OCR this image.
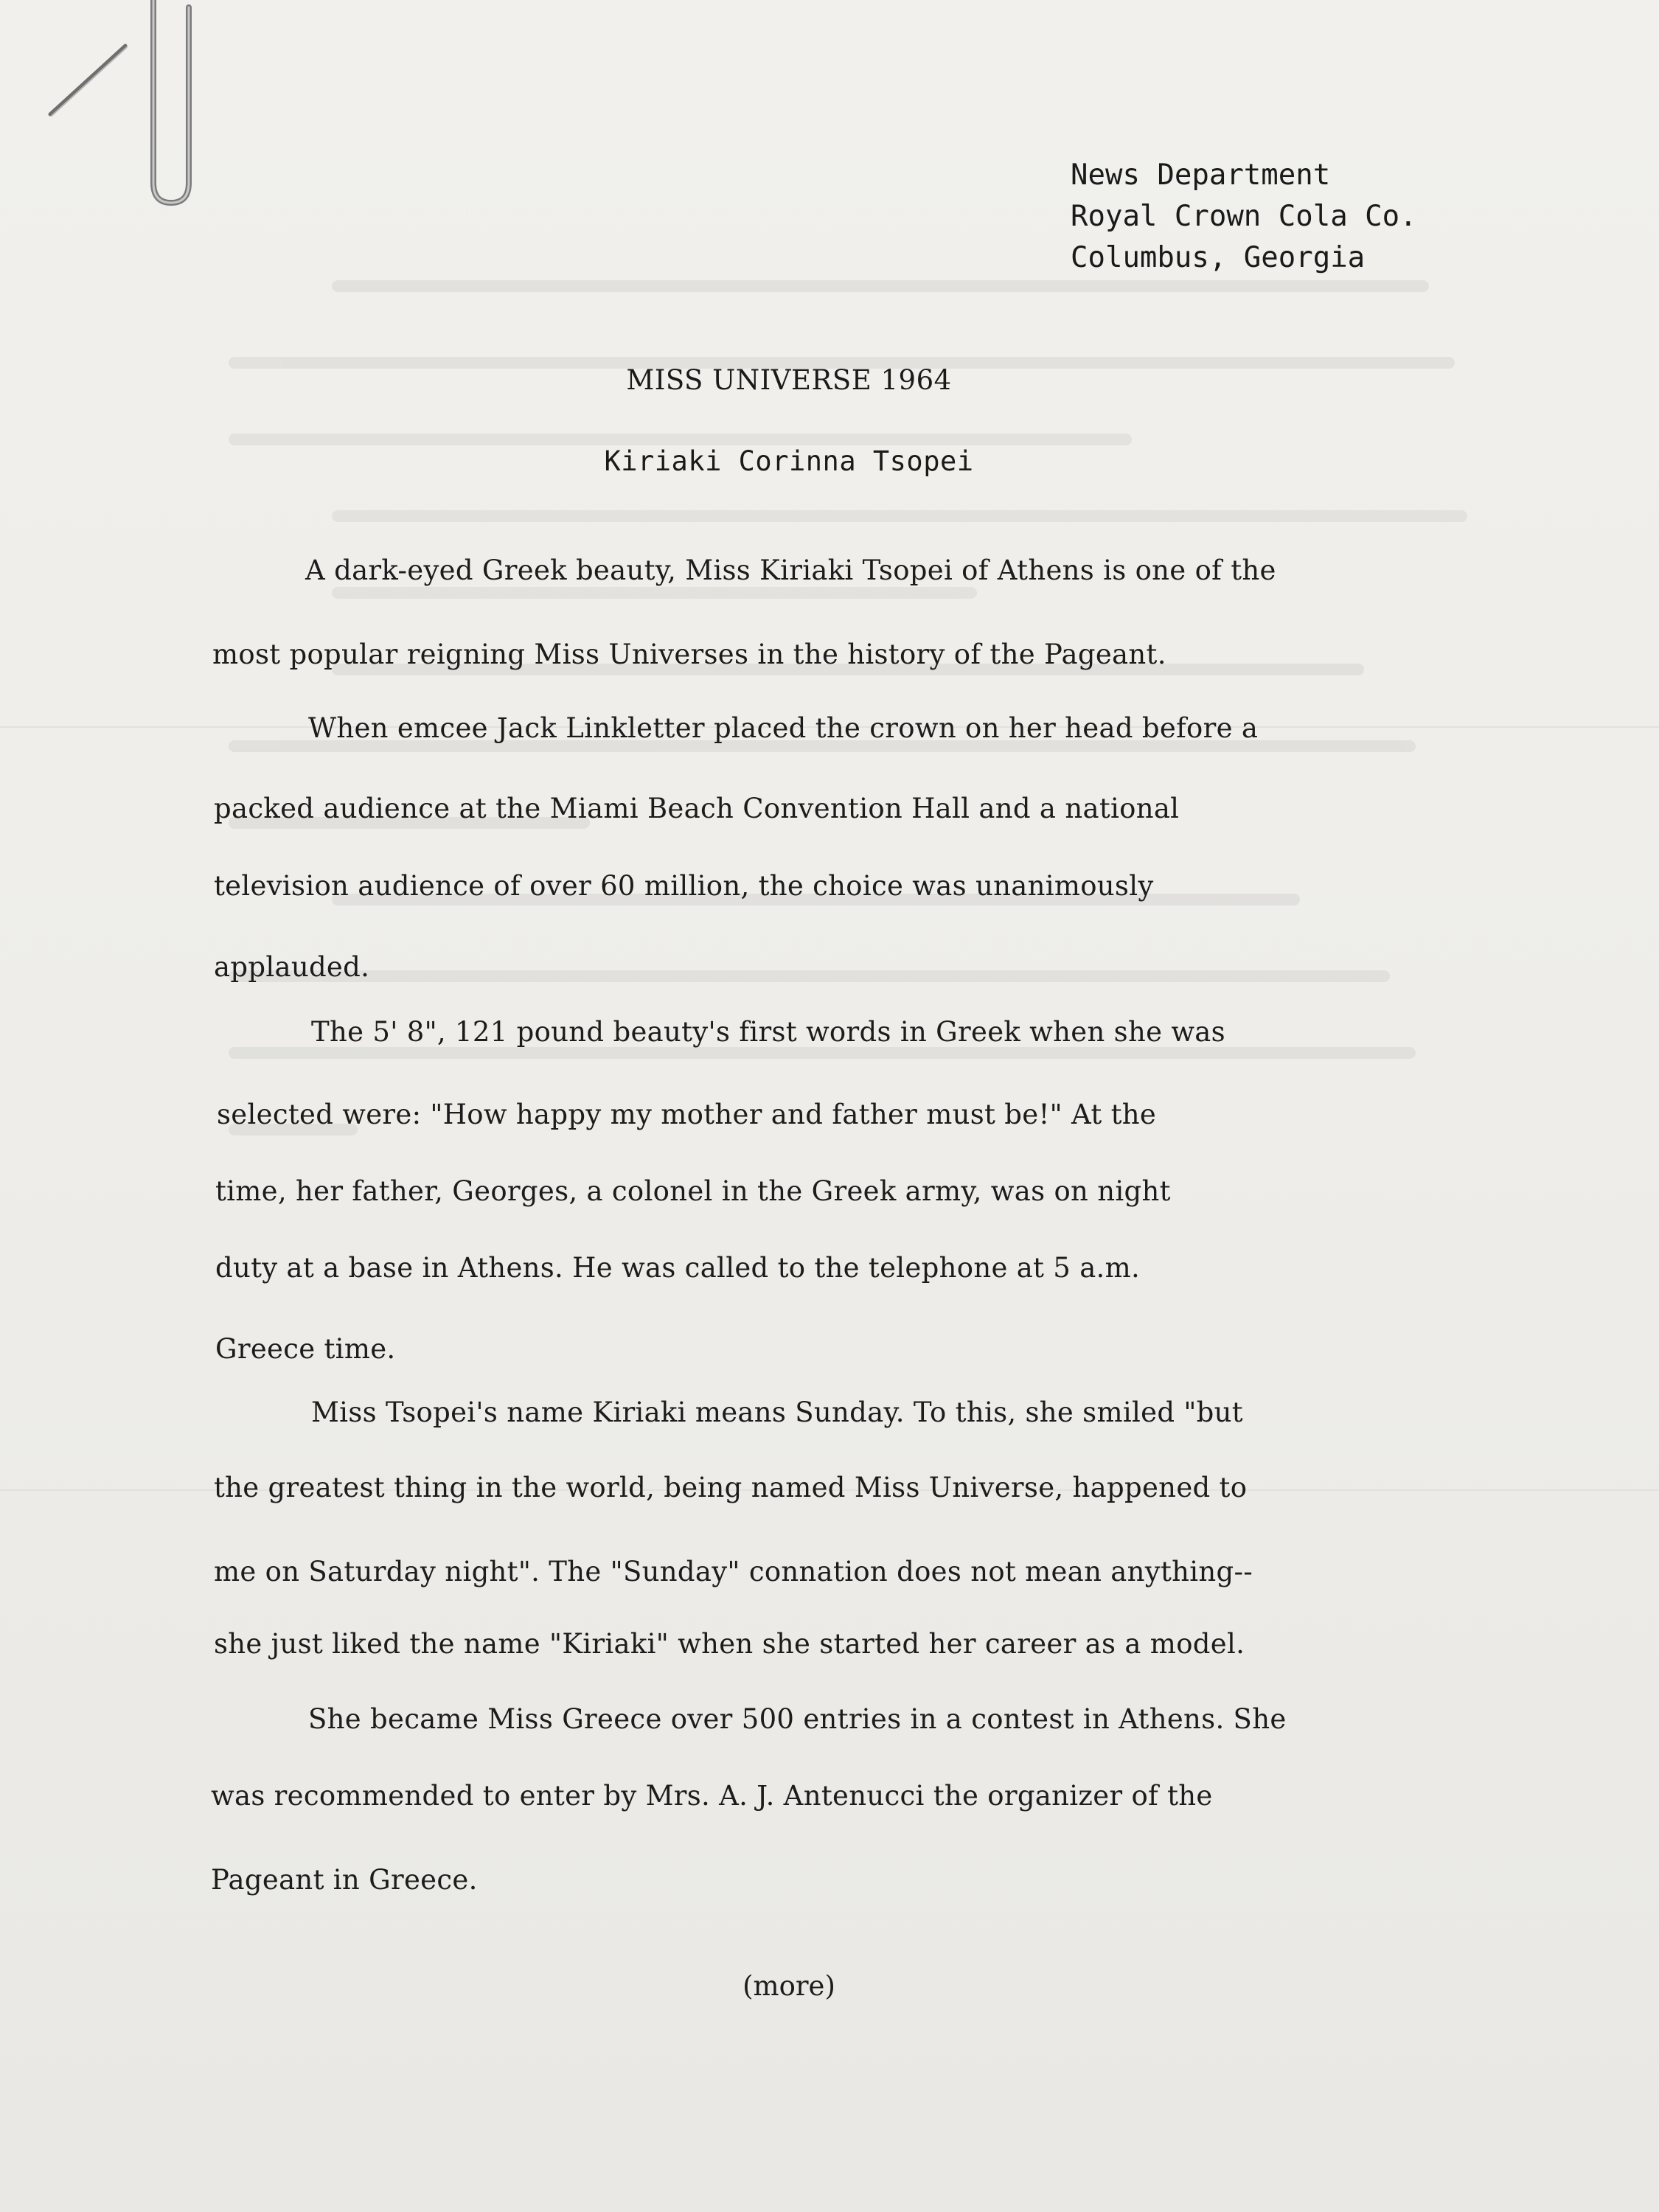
News Department
Royal Crown Cola Co.
Columbus, Georgia
MISS UNIVERSE 1964
Kiriaki Corinna Tsopei
A dark-eyed Greek beauty, Miss Kiriaki Tsopei of Athens is one of the
most popular reigning Miss Universes in the history of the Pageant.
When emcee Jack Linkletter placed the crown on her head before a
packed audience at the Miami Beach Convention Hall and a national
television audience of over 60 million, the choice was unanimously
applauded.
The 5' 8", 121 pound beauty's first words in Greek when she was
selected were: "How happy my mother and father must be!" At the
time, her father, Georges, a colonel in the Greek army, was on night
duty at a base in Athens. He was called to the telephone at 5 a.m.
Greece time.
Miss Tsopei's name Kiriaki means Sunday. To this, she smiled "but
the greatest thing in the world, being named Miss Universe, happened to
me on Saturday night". The "Sunday" connation does not mean anything--
she just liked the name "Kiriaki" when she started her career as a model.
She became Miss Greece over 500 entries in a contest in Athens. She
was recommended to enter by Mrs. A. J. Antenucci the organizer of the
Pageant in Greece.
(more)
